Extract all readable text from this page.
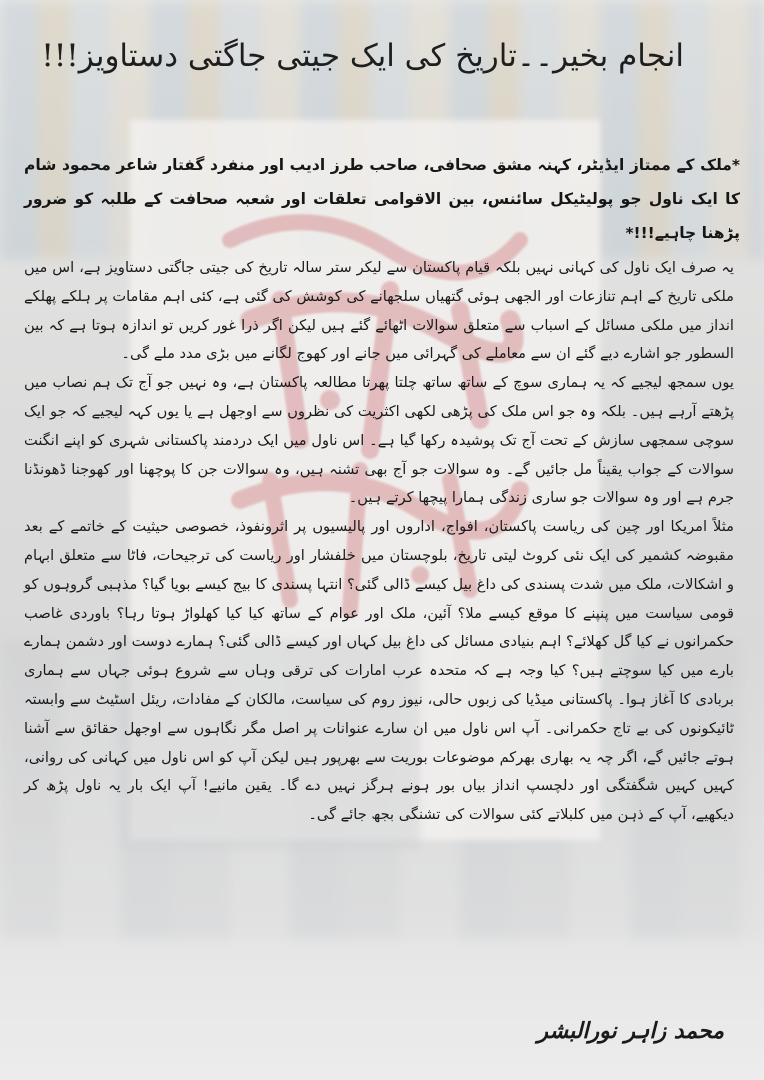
انجام بخیر۔۔تاریخ کی ایک جیتی جاگتی دستاویز!!!
*ملک کے ممتاز ایڈیٹر، کہنہ مشق صحافی، صاحب طرز ادیب اور منفرد گفتار شاعر محمود شام کا ایک ناول جو پولیٹیکل سائنس، بین الاقوامی تعلقات اور شعبہ صحافت کے طلبہ کو ضرور پڑھنا چاہیے!!!*

یہ صرف ایک ناول کی کہانی نہیں بلکہ قیام پاکستان سے لیکر ستر سالہ تاریخ کی جیتی جاگتی دستاویز ہے، اس میں ملکی تاریخ کے اہم تنازعات اور الجھی ہوئی گتھیاں سلجھانے کی کوشش کی گئی ہے، کئی اہم مقامات پر ہلکے پھلکے انداز میں ملکی مسائل کے اسباب سے متعلق سوالات اٹھائے گئے ہیں لیکن اگر ذرا غور کریں تو اندازہ ہوتا ہے کہ بین السطور جو اشارے دیے گئے ان سے معاملے کی گہرائی میں جانے اور کھوج لگانے میں بڑی مدد ملے گی۔

یوں سمجھ لیجیے کہ یہ ہماری سوچ کے ساتھ ساتھ چلتا پھرتا مطالعہ پاکستان ہے، وہ نہیں جو آج تک ہم نصاب میں پڑھتے آرہے ہیں۔ بلکہ وہ جو اس ملک کی پڑھی لکھی اکثریت کی نظروں سے اوجھل ہے یا یوں کہہ لیجیے کہ جو ایک سوچی سمجھی سازش کے تحت آج تک پوشیدہ رکھا گیا ہے۔ اس ناول میں ایک دردمند پاکستانی شہری کو اپنے انگنت سوالات کے جواب یقیناً مل جائیں گے۔ وہ سوالات جو آج بھی تشنہ ہیں، وہ سوالات جن کا پوچھنا اور کھوجنا ڈھونڈنا جرم ہے اور وہ سوالات جو ساری زندگی ہمارا پیچھا کرتے ہیں۔

مثلاً امریکا اور چین کی ریاست پاکستان، افواج، اداروں اور پالیسیوں پر اثرونفوذ، خصوصی حیثیت کے خاتمے کے بعد مقبوضہ کشمیر کی ایک نئی کروٹ لیتی تاریخ، بلوچستان میں خلفشار اور ریاست کی ترجیحات، فاٹا سے متعلق ابہام و اشکالات، ملک میں شدت پسندی کی داغ بیل کیسے ڈالی گئی؟ انتہا پسندی کا بیج کیسے بویا گیا؟ مذہبی گروہوں کو قومی سیاست میں پنپنے کا موقع کیسے ملا؟ آئین، ملک اور عوام کے ساتھ کیا کیا کھلواڑ ہوتا رہا؟ باوردی غاصب حکمرانوں نے کیا گل کھلائے؟ اہم بنیادی مسائل کی داغ بیل کہاں اور کیسے ڈالی گئی؟ ہمارے دوست اور دشمن ہمارے بارے میں کیا سوچتے ہیں؟ کیا وجہ ہے کہ متحدہ عرب امارات کی ترقی وہاں سے شروع ہوئی جہاں سے ہماری بربادی کا آغاز ہوا۔ پاکستانی میڈیا کی زبوں حالی، نیوز روم کی سیاست، مالکان کے مفادات، ریئل اسٹیٹ سے وابستہ ٹائیکونوں کی بے تاج حکمرانی۔ آپ اس ناول میں ان سارے عنوانات پر اصل مگر نگاہوں سے اوجھل حقائق سے آشنا ہوتے جائیں گے، اگر چہ یہ بھاری بھرکم موضوعات بوریت سے بھرپور ہیں لیکن آپ کو اس ناول میں کہانی کی روانی، کہیں کہیں شگفتگی اور دلچسپ انداز بیاں بور ہونے ہرگز نہیں دے گا۔ یقین مانیے! آپ ایک بار یہ ناول پڑھ کر دیکھیے، آپ کے ذہن میں کلبلاتے کئی سوالات کی تشنگی بجھ جائے گی۔

محمد زاہر نورالبشر
